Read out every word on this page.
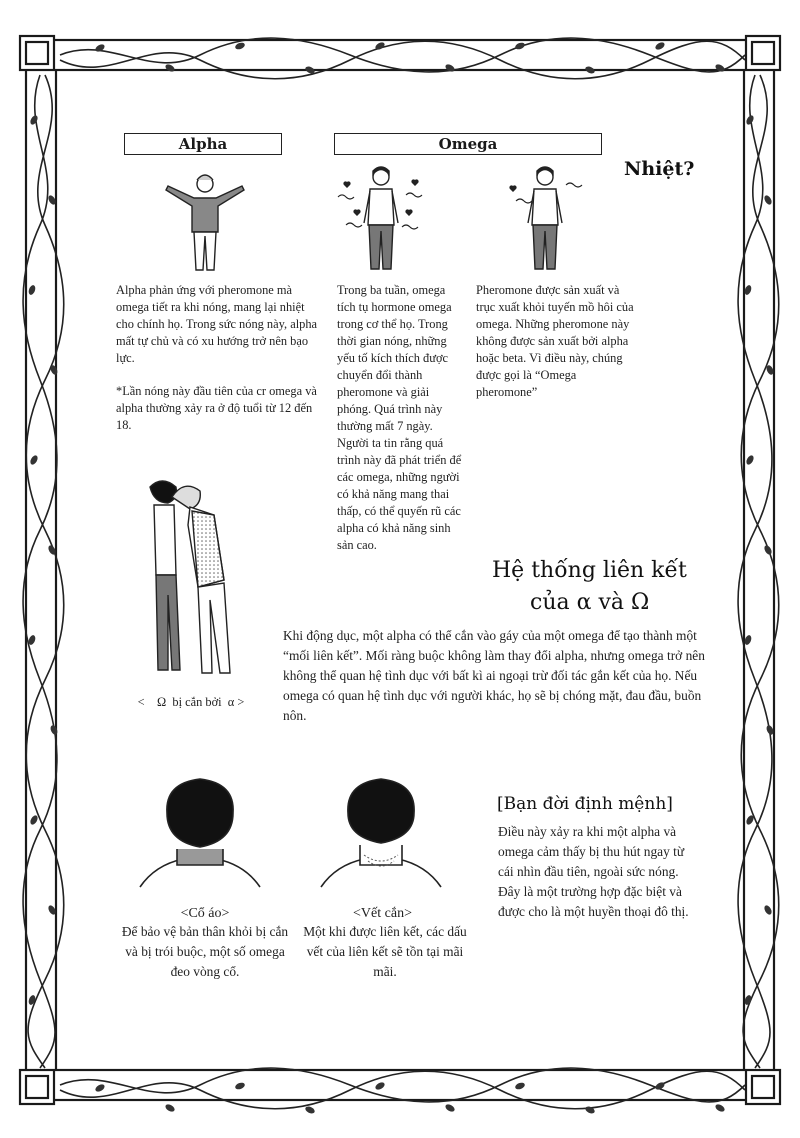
Alpha	Omega
Nhiệt?
Alpha phản ứng với pheromone mà omega tiết ra khi nóng, mang lại nhiệt cho chính họ. Trong sức nóng này, alpha mất tự chủ và có xu hướng trở nên bạo lực.
*Lần nóng này đầu tiên của cr omega và alpha thường xảy ra ở độ tuổi từ 12 đến 18.
Trong ba tuần, omega tích tụ hormone omega trong cơ thể họ. Trong thời gian nóng, những yếu tố kích thích được chuyển đổi thành pheromone và giải phóng. Quá trình này thường mất 7 ngày. Người ta tin rằng quá trình này đã phát triển để các omega, những người có khả năng mang thai thấp, có thể quyến rũ các alpha có khả năng sinh sản cao.
Pheromone được sản xuất và trục xuất khỏi tuyến mồ hôi của omega. Những pheromone này không được sản xuất bởi alpha hoặc beta. Vì điều này, chúng được gọi là “Omega pheromone”
<    Ω  bị cắn bởi  α >
Hệ thống liên kết
của α và Ω
Khi động dục, một alpha có thể cắn vào gáy của một omega để tạo thành một “mối liên kết”. Mối ràng buộc không làm thay đổi alpha, nhưng omega trở nên không thể quan hệ tình dục với bất kì ai ngoại trừ đối tác gắn kết của họ. Nếu omega có quan hệ tình dục với người khác, họ sẽ bị chóng mặt, đau đầu, buồn nôn.
<Cổ áo>
Để bảo vệ bản thân khỏi bị cắn và bị trói buộc, một số omega đeo vòng cổ.
<Vết cắn>
Một khi được liên kết, các dấu vết của liên kết sẽ tồn tại mãi mãi.
[Bạn đời định mệnh]
Điều này xảy ra khi một alpha và omega cảm thấy bị thu hút ngay từ cái nhìn đầu tiên, ngoài sức nóng. Đây là một trường hợp đặc biệt và được cho là một huyền thoại đô thị.
